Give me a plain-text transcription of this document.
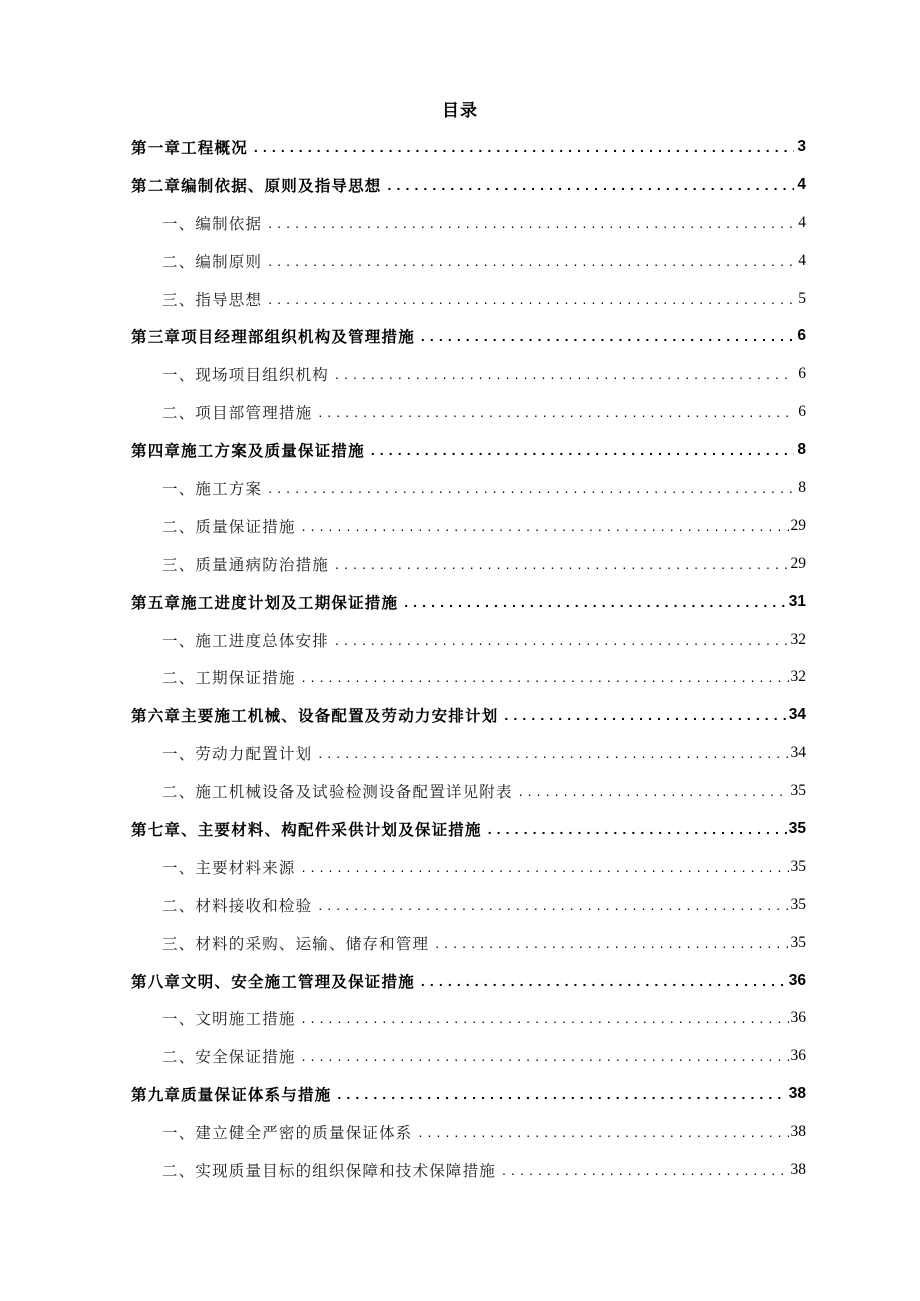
目录
第一章工程概况 . . .	3
第二章编制依据、原则及指导思想 . . .	4
一、编制依据 . . .	4
二、编制原则 . . .	4
三、指导思想 . . .	5
第三章项目经理部组织机构及管理措施 . . .	6
一、现场项目组织机构 . . .	6
二、项目部管理措施 . . .	6
第四章施工方案及质量保证措施 . . .	8
一、施工方案 . . .	8
二、质量保证措施 . . .	29
三、质量通病防治措施 . . .	29
第五章施工进度计划及工期保证措施 . . .	31
一、施工进度总体安排 . . .	32
二、工期保证措施 . . .	32
第六章主要施工机械、设备配置及劳动力安排计划 . . .	34
一、劳动力配置计划 . . .	34
二、施工机械设备及试验检测设备配置详见附表 . . .	35
第七章、主要材料、构配件采供计划及保证措施 . . .	35
一、主要材料来源 . . .	35
二、材料接收和检验 . . .	35
三、材料的采购、运输、储存和管理 . . .	35
第八章文明、安全施工管理及保证措施 . . .	36
一、文明施工措施 . . .	36
二、安全保证措施 . . .	36
第九章质量保证体系与措施 . . .	38
一、建立健全严密的质量保证体系 . . .	38
二、实现质量目标的组织保障和技术保障措施 . . .	38
